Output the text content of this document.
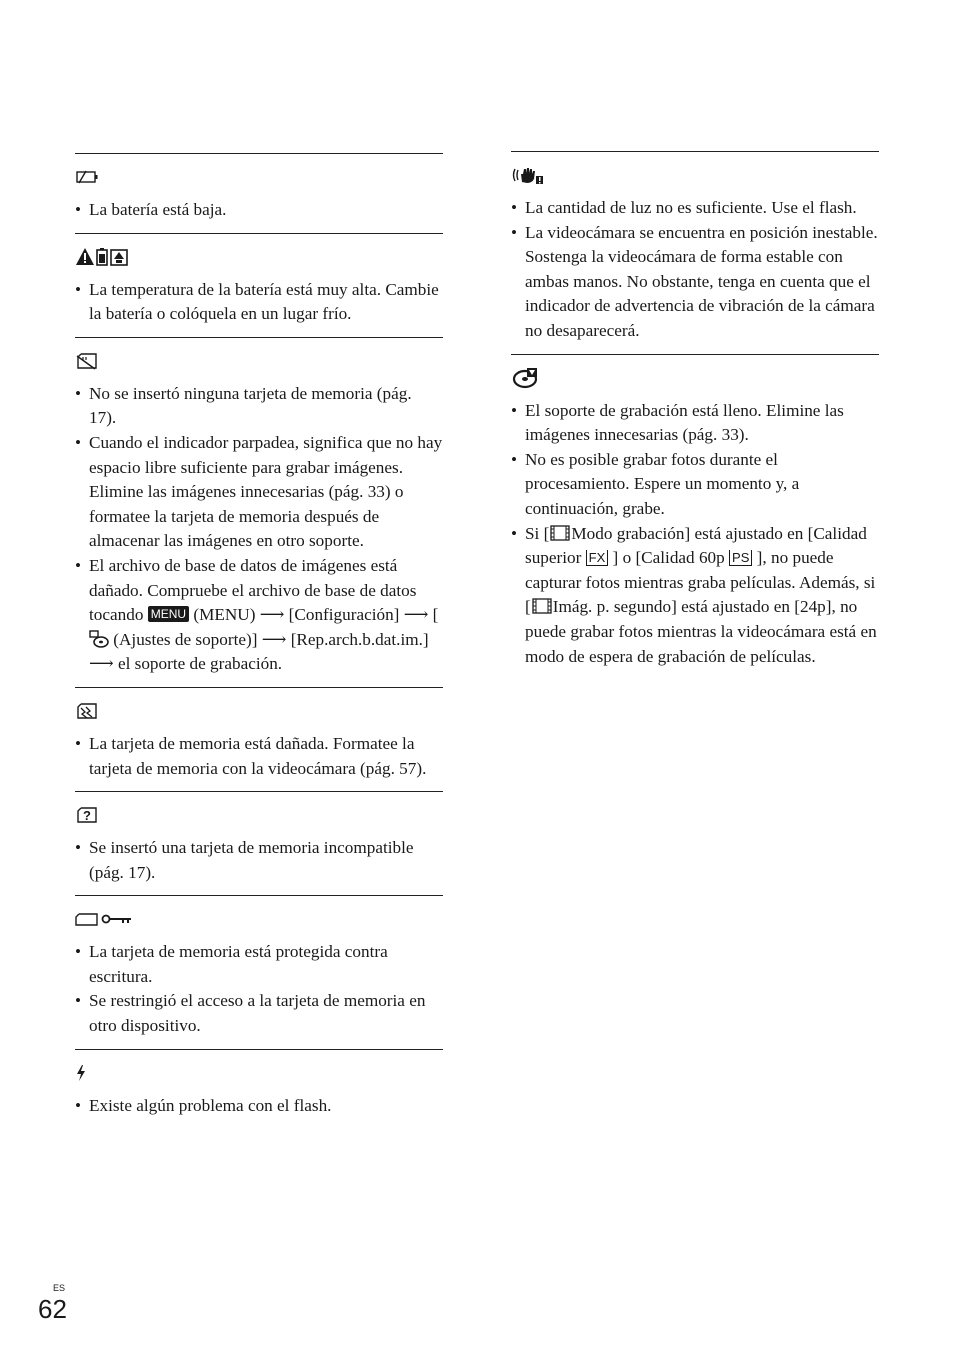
• La batería está baja.
• La temperatura de la batería está muy alta. Cambie la batería o colóquela en un lugar frío.
• No se insertó ninguna tarjeta de memoria (pág. 17).
• Cuando el indicador parpadea, significa que no hay espacio libre suficiente para grabar imágenes. Elimine las imágenes innecesarias (pág. 33) o formatee la tarjeta de memoria después de almacenar las imágenes en otro soporte.
• El archivo de base de datos de imágenes está dañado. Compruebe el archivo de base de datos tocando MENU (MENU) ⟶ [Configuración] ⟶ [ (Ajustes de soporte)] ⟶ [Rep.arch.b.dat.im.] ⟶ el soporte de grabación.
• La tarjeta de memoria está dañada. Formatee la tarjeta de memoria con la videocámara (pág. 57).
?
• Se insertó una tarjeta de memoria incompatible (pág. 17).
• La tarjeta de memoria está protegida contra escritura.
• Se restringió el acceso a la tarjeta de memoria en otro dispositivo.
• Existe algún problema con el flash.
• La cantidad de luz no es suficiente. Use el flash.
• La videocámara se encuentra en posición inestable. Sostenga la videocámara de forma estable con ambas manos. No obstante, tenga en cuenta que el indicador de advertencia de vibración de la cámara no desaparecerá.
• El soporte de grabación está lleno. Elimine las imágenes innecesarias (pág. 33).
• No es posible grabar fotos durante el procesamiento. Espere un momento y, a continuación, grabe.
• Si [ Modo grabación] está ajustado en [Calidad superior FX ] o [Calidad 60p PS ], no puede capturar fotos mientras graba películas. Además, si [ Imág. p. segundo] está ajustado en [24p], no puede grabar fotos mientras la videocámara está en modo de espera de grabación de películas.
ES
62
